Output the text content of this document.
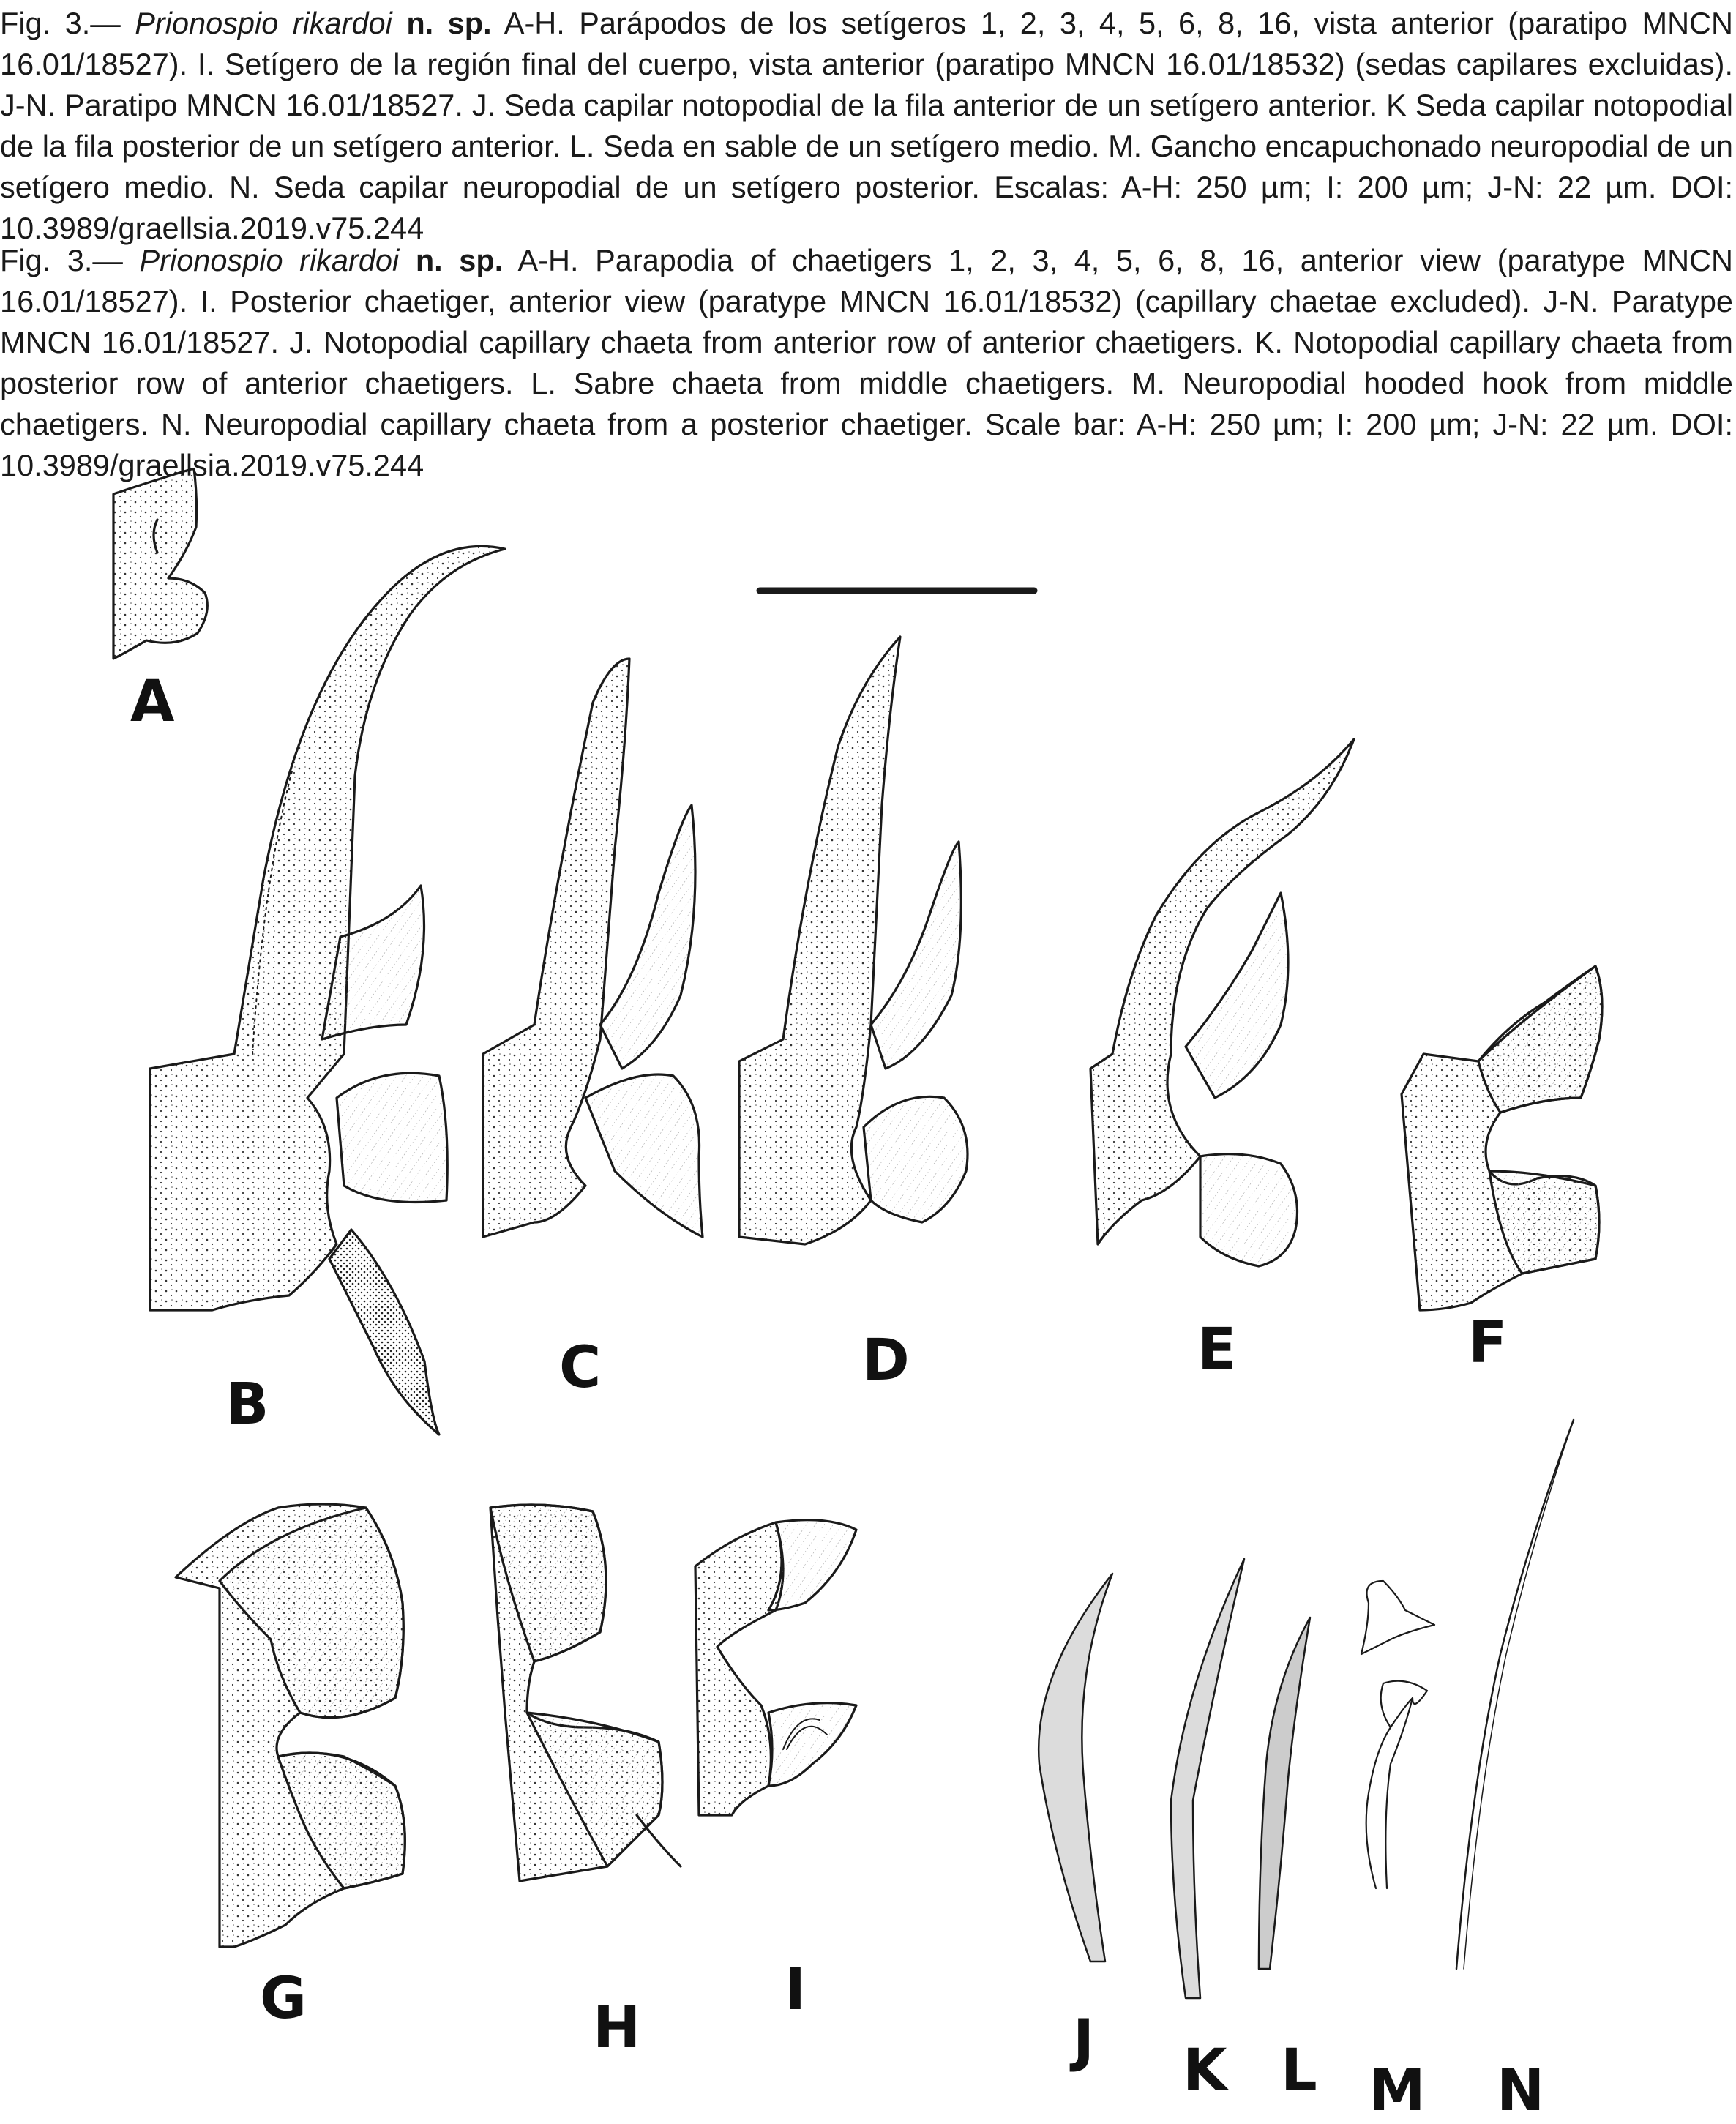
Fig. 3.— Prionospio rikardoi n. sp. A-H. Parápodos de los setígeros 1, 2, 3, 4, 5, 6, 8, 16, vista anterior (paratipo MNCN 16.01/18527). I. Setígero de la región final del cuerpo, vista anterior (paratipo MNCN 16.01/18532) (sedas capilares excluidas). J-N. Paratipo MNCN 16.01/18527. J. Seda capilar notopodial de la fila anterior de un setígero anterior. K Seda capilar notopodial de la fila posterior de un setígero anterior. L. Seda en sable de un setígero medio. M. Gancho encapuchonado neuropodial de un setígero medio. N. Seda capilar neuropodial de un setígero posterior. Escalas: A-H: 250 µm; I: 200 µm; J-N: 22 µm. DOI: 10.3989/graellsia.2019.v75.244

Fig. 3.— Prionospio rikardoi n. sp. A-H. Parapodia of chaetigers 1, 2, 3, 4, 5, 6, 8, 16, anterior view (paratype MNCN 16.01/18527). I. Posterior chaetiger, anterior view (paratype MNCN 16.01/18532) (capillary chaetae excluded). J-N. Paratype MNCN 16.01/18527. J. Notopodial capillary chaeta from anterior row of anterior chaetigers. K. Notopodial capillary chaeta from posterior row of anterior chaetigers. L. Sabre chaeta from middle chaetigers. M. Neuropodial hooded hook from middle chaetigers. N. Neuropodial capillary chaeta from a posterior chaetiger. Scale bar: A-H: 250 µm; I: 200 µm; J-N: 22 µm. DOI: 10.3989/graellsia.2019.v75.244

A
B
C	D	E	F
G	H
I
J K L M N
